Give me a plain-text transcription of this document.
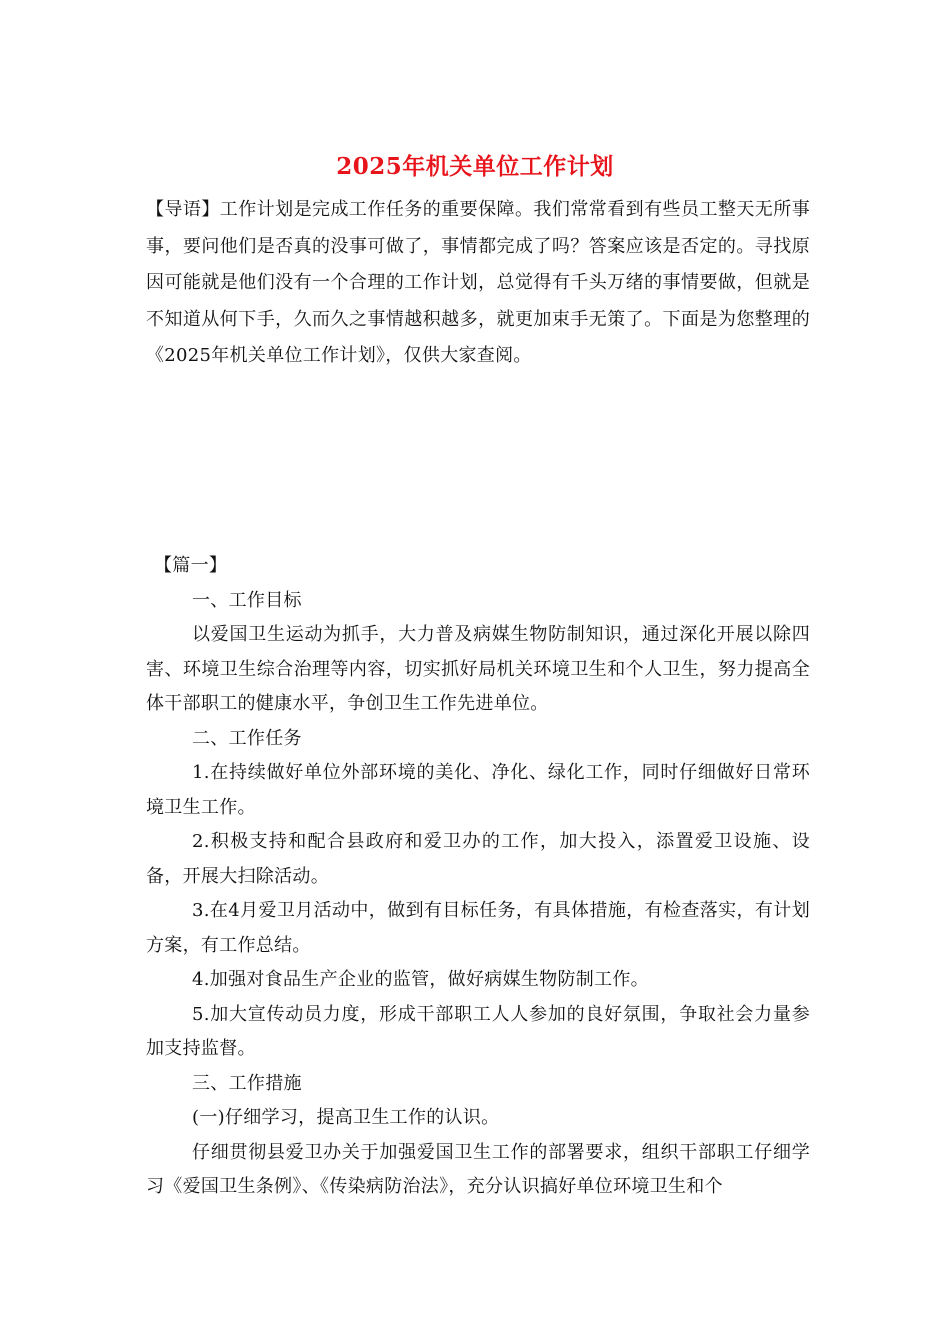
2025年机关单位工作计划
【导语】工作计划是完成工作任务的重要保障。我们常常看到有些员工整天无所事事，要问他们是否真的没事可做了，事情都完成了吗？答案应该是否定的。寻找原因可能就是他们没有一个合理的工作计划，总觉得有千头万绪的事情要做，但就是不知道从何下手，久而久之事情越积越多，就更加束手无策了。下面是为您整理的《2025年机关单位工作计划》，仅供大家查阅。

【篇一】

一、工作目标

以爱国卫生运动为抓手，大力普及病媒生物防制知识，通过深化开展以除四害、环境卫生综合治理等内容，切实抓好局机关环境卫生和个人卫生，努力提高全体干部职工的健康水平，争创卫生工作先进单位。

二、工作任务

1.在持续做好单位外部环境的美化、净化、绿化工作，同时仔细做好日常环境卫生工作。

2.积极支持和配合县政府和爱卫办的工作，加大投入，添置爱卫设施、设备，开展大扫除活动。

3.在4月爱卫月活动中，做到有目标任务，有具体措施，有检查落实，有计划方案，有工作总结。

4.加强对食品生产企业的监管，做好病媒生物防制工作。

5.加大宣传动员力度，形成干部职工人人参加的良好氛围，争取社会力量参加支持监督。

三、工作措施

(一)仔细学习，提高卫生工作的认识。

仔细贯彻县爱卫办关于加强爱国卫生工作的部署要求，组织干部职工仔细学习《爱国卫生条例》、《传染病防治法》，充分认识搞好单位环境卫生和个
